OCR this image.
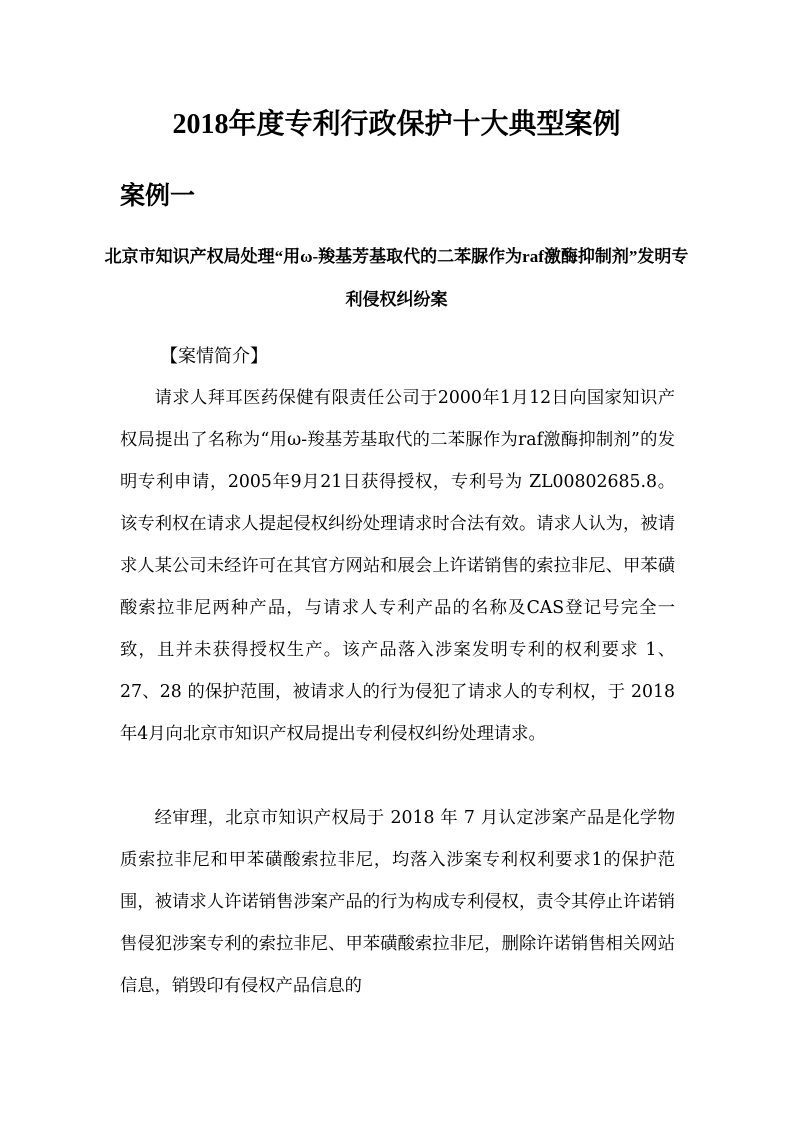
2018年度专利行政保护十大典型案例
案例一
北京市知识产权局处理“用ω-羧基芳基取代的二苯脲作为raf激酶抑制剂”发明专利侵权纠纷案
【案情简介】

请求人拜耳医药保健有限责任公司于2000年1月12日向国家知识产权局提出了名称为“用ω-羧基芳基取代的二苯脲作为raf激酶抑制剂”的发明专利申请，2005年9月21日获得授权，专利号为 ZL00802685.8。该专利权在请求人提起侵权纠纷处理请求时合法有效。请求人认为，被请求人某公司未经许可在其官方网站和展会上许诺销售的索拉非尼、甲苯磺酸索拉非尼两种产品，与请求人专利产品的名称及CAS登记号完全一致，且并未获得授权生产。该产品落入涉案发明专利的权利要求 1、27、28 的保护范围，被请求人的行为侵犯了请求人的专利权，于 2018 年4月向北京市知识产权局提出专利侵权纠纷处理请求。

经审理，北京市知识产权局于 2018 年 7 月认定涉案产品是化学物质索拉非尼和甲苯磺酸索拉非尼，均落入涉案专利权利要求1的保护范围，被请求人许诺销售涉案产品的行为构成专利侵权，责令其停止许诺销售侵犯涉案专利的索拉非尼、甲苯磺酸索拉非尼，删除许诺销售相关网站信息，销毁印有侵权产品信息的
